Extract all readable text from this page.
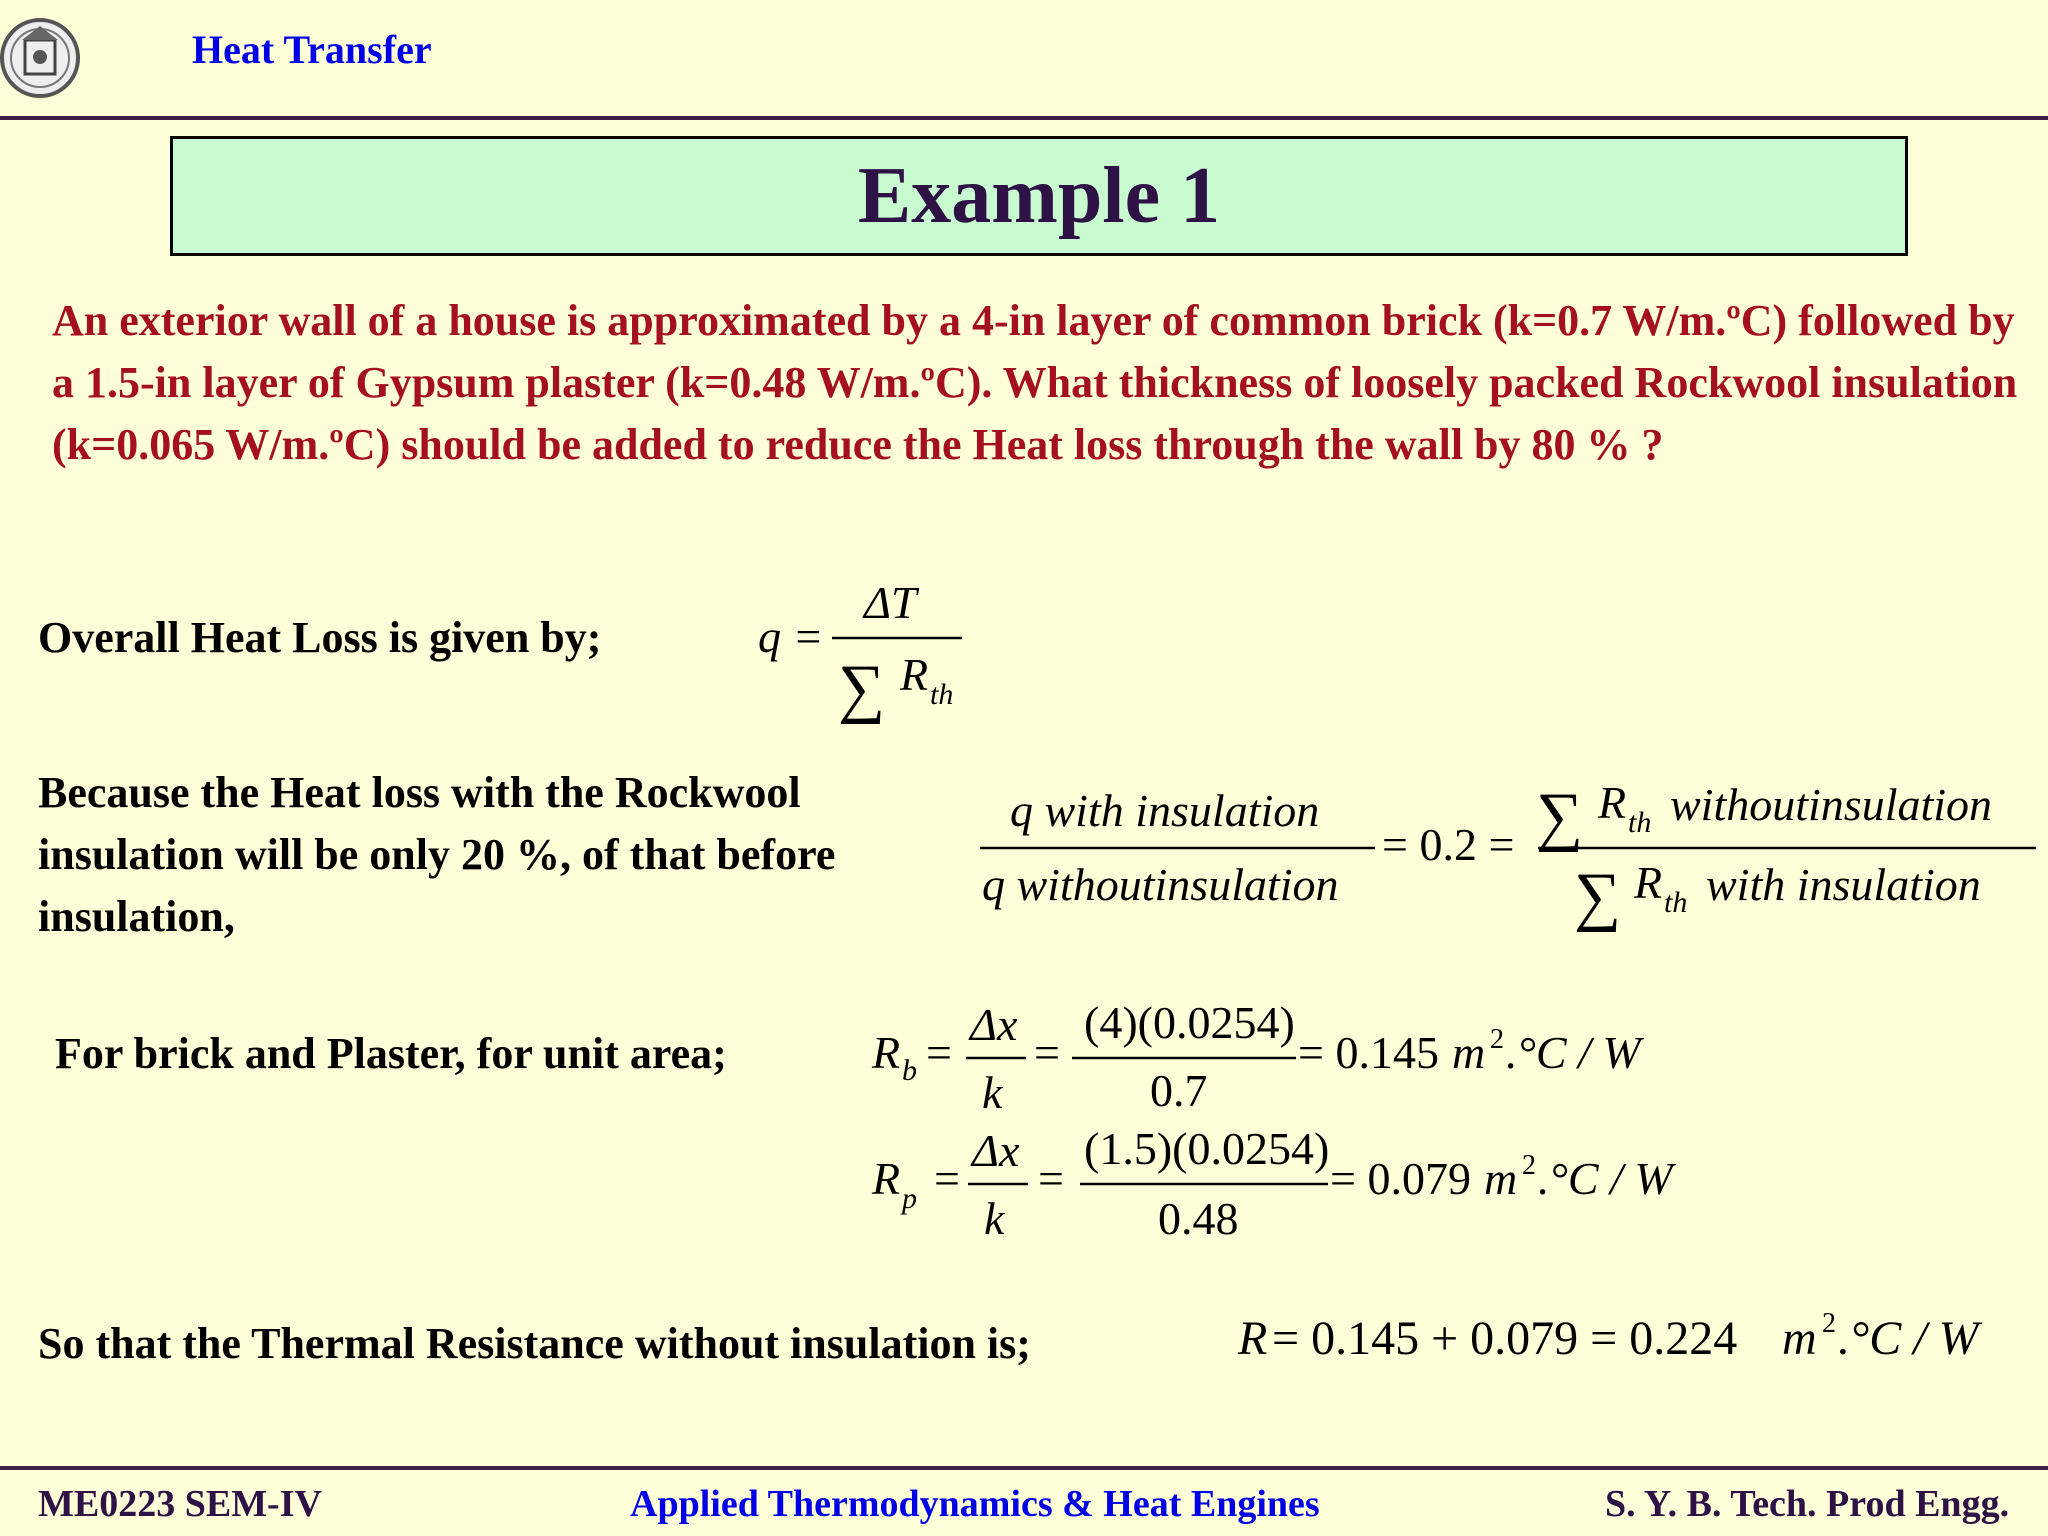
Heat Transfer
Example 1
An exterior wall of a house is approximated by a 4-in layer of common brick (k=0.7 W/m.ºC) followed by a 1.5-in layer of Gypsum plaster (k=0.48 W/m.ºC). What thickness of loosely packed Rockwool insulation (k=0.065 W/m.ºC) should be added to reduce the Heat loss through the wall by 80 % ?
Overall Heat Loss is given by;	q =
ΔT
∑ R th
Because the Heat loss with the Rockwool
insulation will be only 20 %, of that before
insulation,
q with insulation
q withoutinsulation
= 0.2 = ∑ R th withoutinsulation
∑ R th with insulation
For brick and Plaster, for unit area;	R b =
Δx
k
=
(4)(0.0254)
0.7
= 0.145 m 2 .°C / W
R p =
Δx
k
=
(1.5)(0.0254)
0.48
= 0.079 m 2 .°C / W
So that the Thermal Resistance without insulation is;	R = 0.145 + 0.079 = 0.224 m 2 .°C / W
ME0223 SEM-IV	Applied Thermodynamics & Heat Engines	S. Y. B. Tech. Prod Engg.
